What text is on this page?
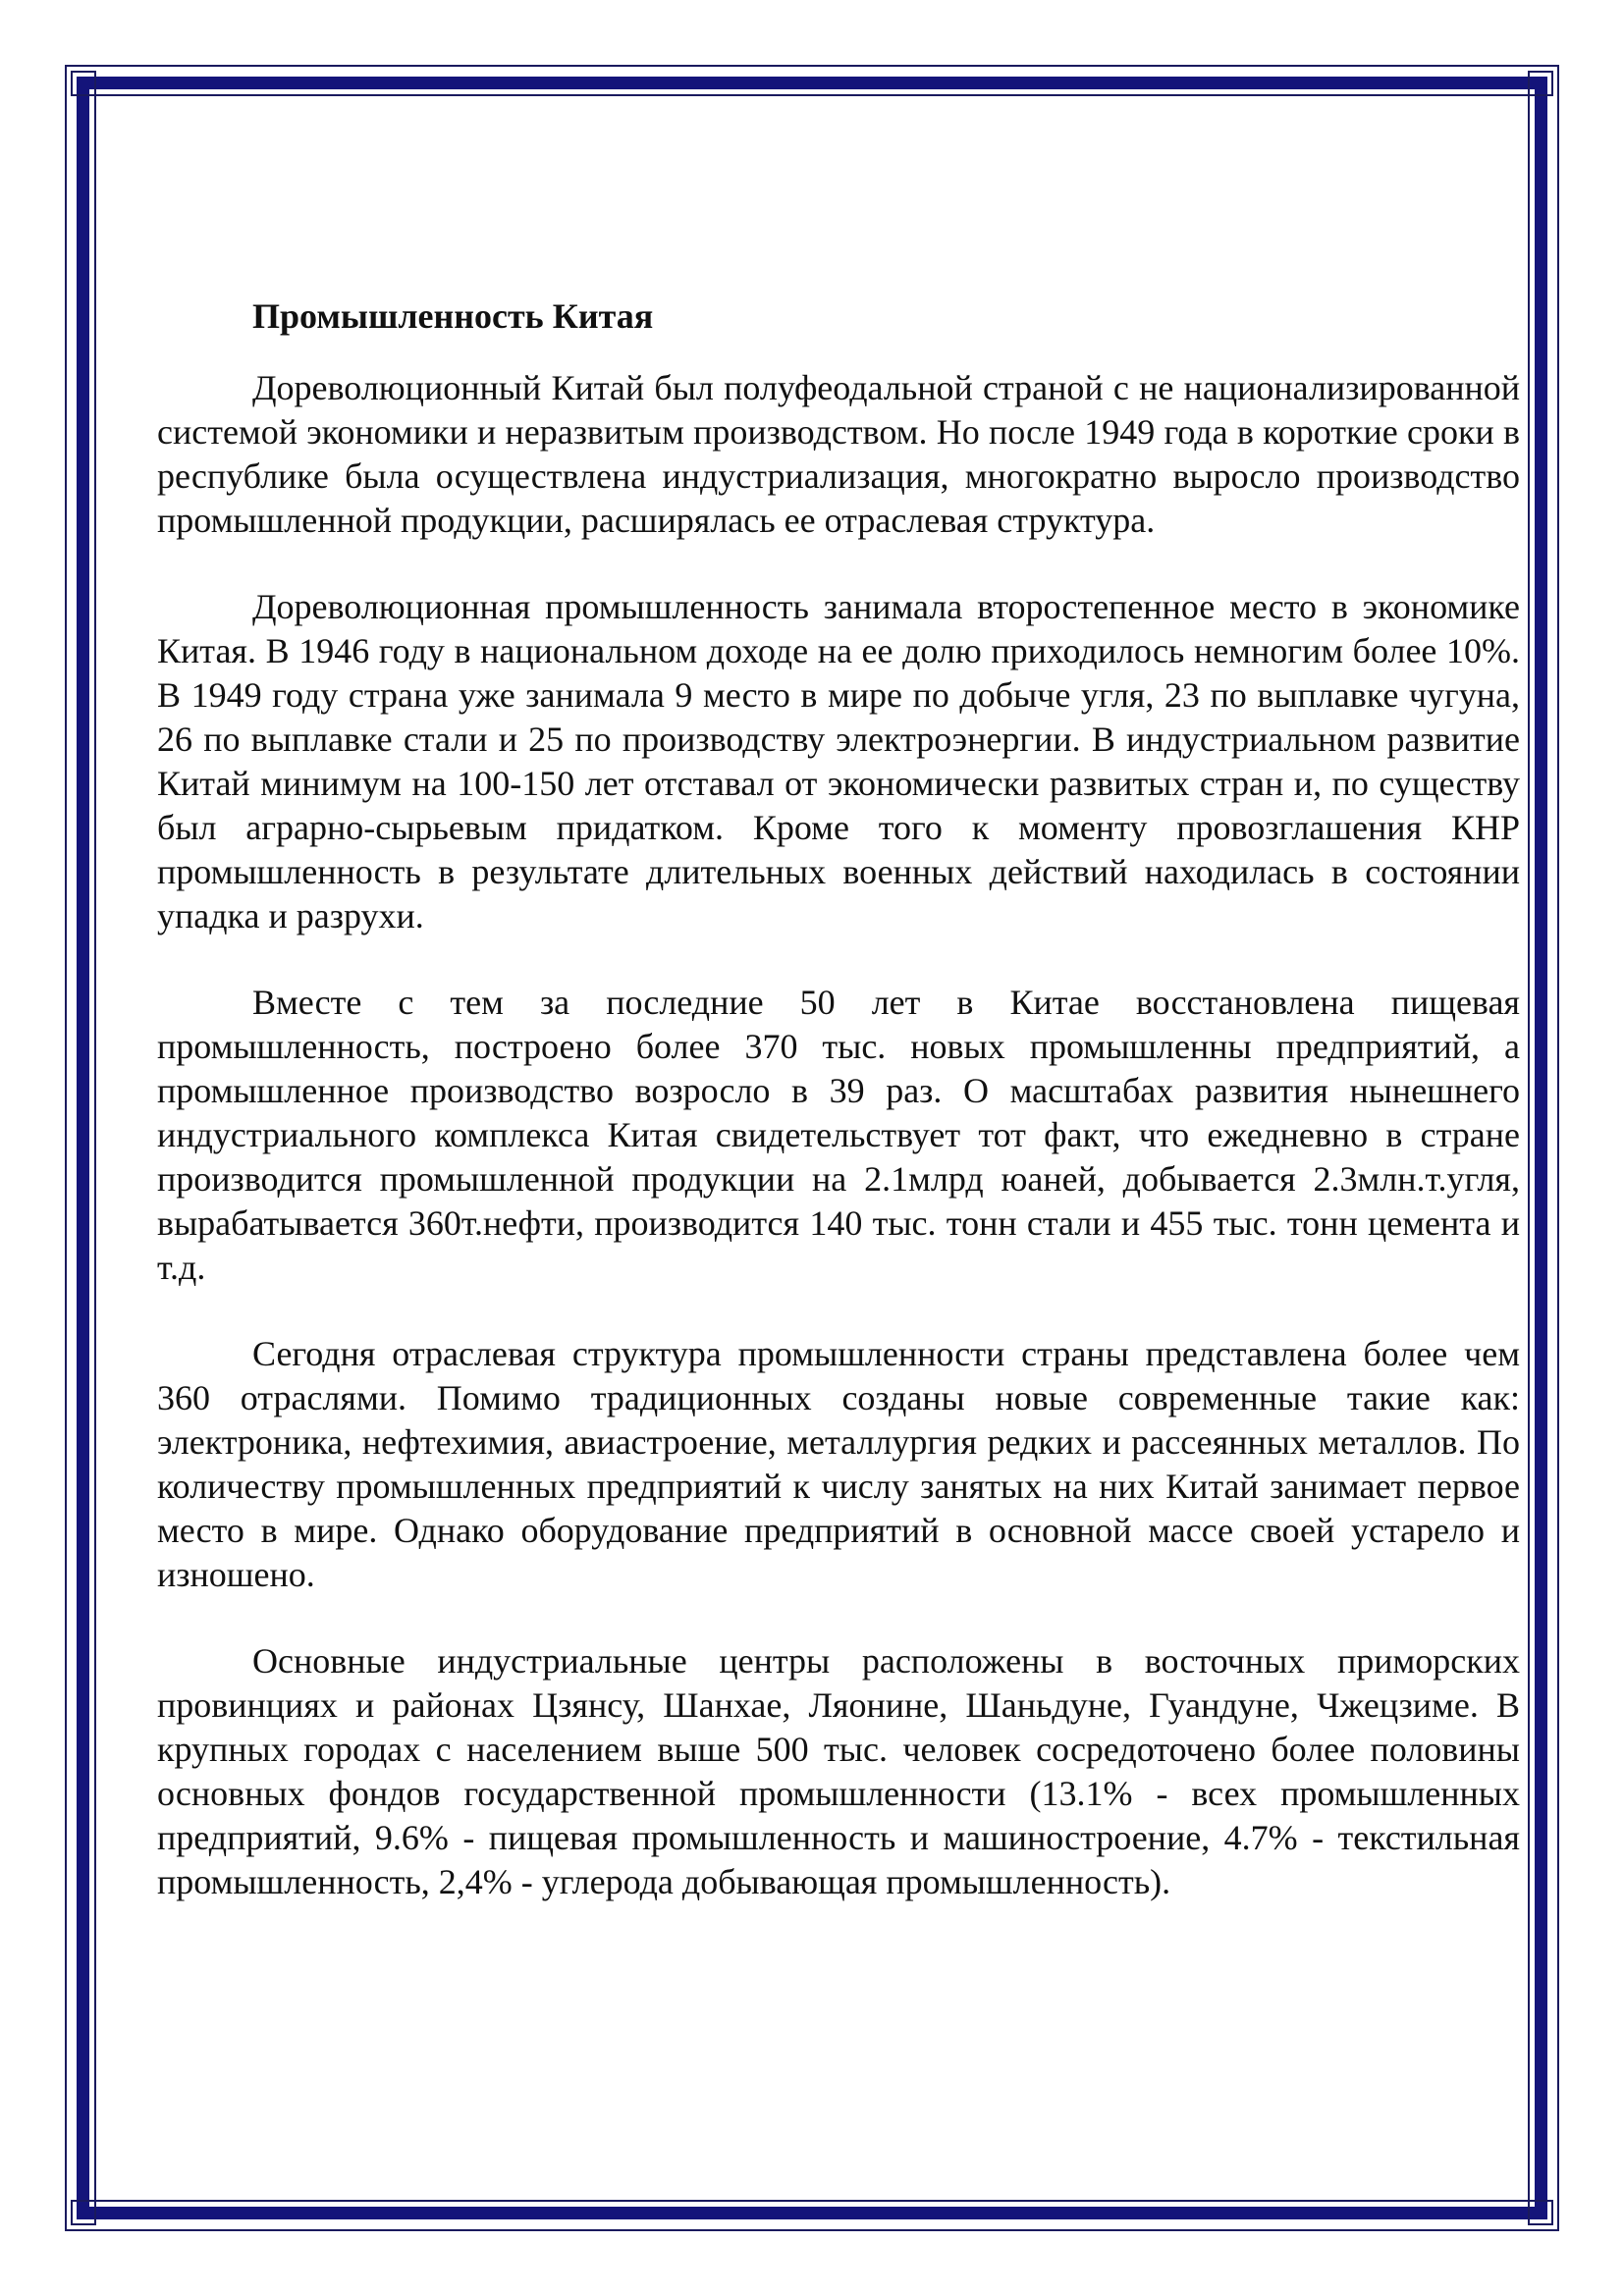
Промышленность Китая

Дореволюционный Китай был полуфеодальной страной с не национализированной системой экономики и неразвитым производством. Но после 1949 года в короткие сроки в республике была осуществлена индустриализация, многократно выросло производство промышленной продукции, расширялась ее отраслевая структура.

Дореволюционная промышленность занимала второстепенное место в экономике Китая. В 1946 году в национальном доходе на ее долю приходилось немногим более 10%. В 1949 году страна уже занимала 9 место в мире по добыче угля, 23 по выплавке чугуна, 26 по выплавке стали и 25 по производству электроэнергии. В индустриальном развитие Китай минимум на 100-150 лет отставал от экономически развитых стран и, по существу был аграрно-сырьевым придатком. Кроме того к моменту провозглашения КНР промышленность в результате длительных военных действий находилась в состоянии упадка и разрухи.

Вместе с тем за последние 50 лет в Китае восстановлена пищевая промышленность, построено более 370 тыс. новых промышленны предприятий, а промышленное производство возросло в 39 раз. О масштабах развития нынешнего индустриального комплекса Китая свидетельствует тот факт, что ежедневно в стране производится промышленной продукции на 2.1млрд юаней, добывается 2.3млн.т.угля, вырабатывается 360т.нефти, производится 140 тыс. тонн стали и 455 тыс. тонн цемента и т.д.

Сегодня отраслевая структура промышленности страны представлена более чем 360 отраслями. Помимо традиционных созданы новые современные такие как: электроника, нефтехимия, авиастроение, металлургия редких и рассеянных металлов. По количеству промышленных предприятий к числу занятых на них Китай занимает первое место в мире. Однако оборудование предприятий в основной массе своей устарело и изношено.

Основные индустриальные центры расположены в восточных приморских провинциях и районах Цзянсу, Шанхае, Ляонине, Шаньдуне, Гуандуне, Чжецзиме. В крупных городах с населением выше 500 тыс. человек сосредоточено более половины основных фондов государственной промышленности (13.1% - всех промышленных предприятий, 9.6% - пищевая промышленность и машиностроение, 4.7% - текстильная промышленность, 2,4% - углерода добывающая промышленность).
